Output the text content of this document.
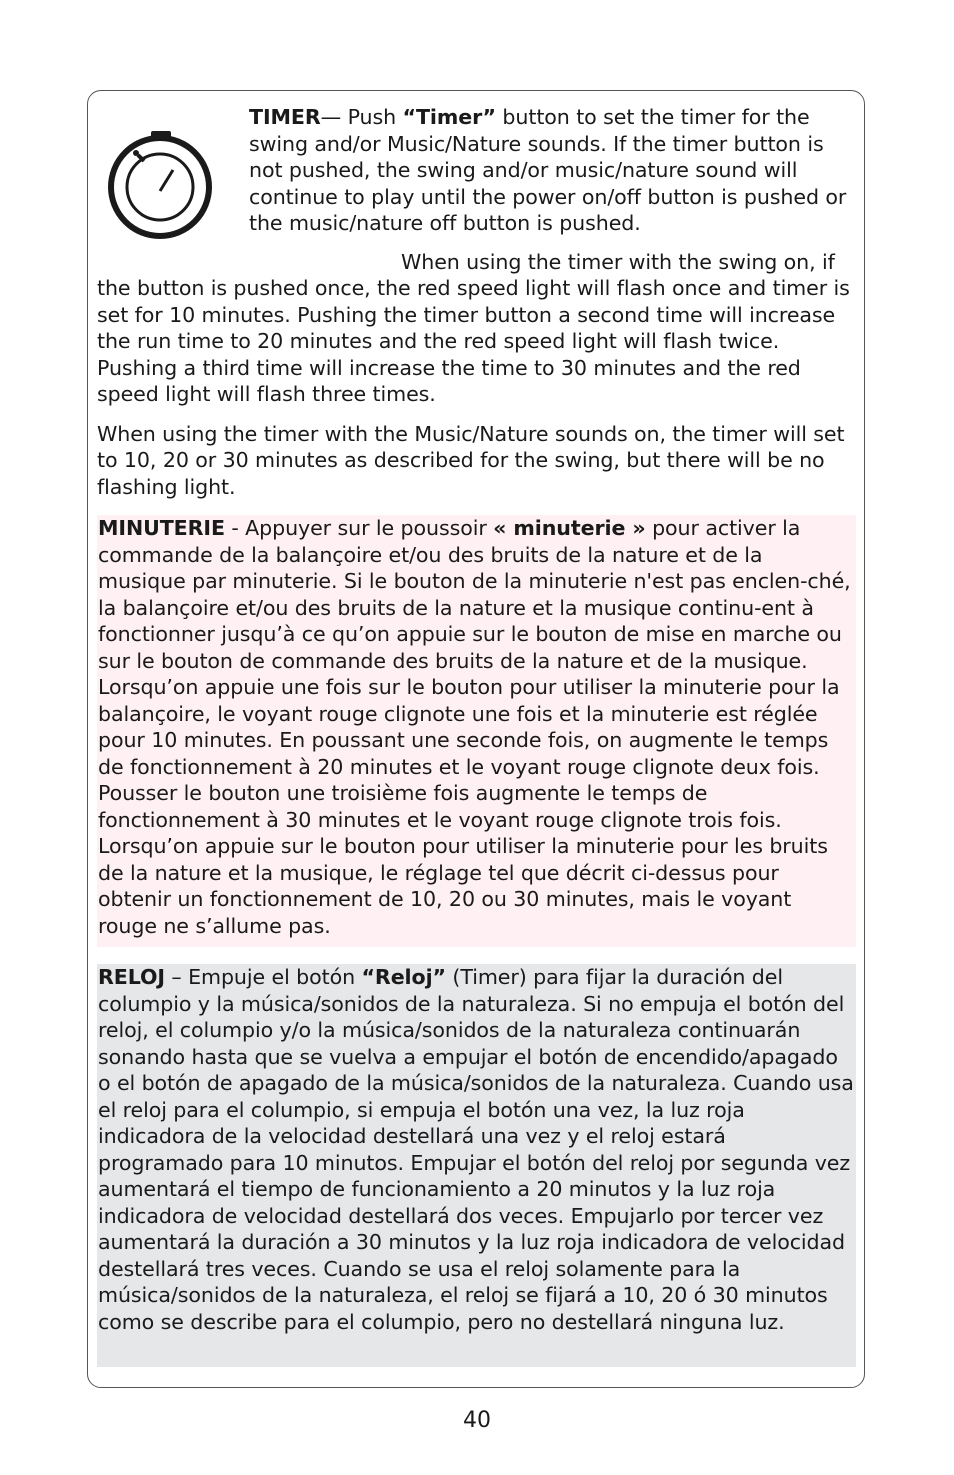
TIMER— Push “Timer” button to set the timer for the swing and/or Music/Nature sounds. If the timer button is not pushed, the swing and/or music/nature sound will continue to play until the power on/off button is pushed or the music/nature off button is pushed.

When using the timer with the swing on, if the button is pushed once, the red speed light will flash once and timer is set for 10 minutes. Pushing the timer button a second time will increase the run time to 20 minutes and the red speed light will flash twice. Pushing a third time will increase the time to 30 minutes and the red speed light will flash three times.

When using the timer with the Music/Nature sounds on, the timer will set to 10, 20 or 30 minutes as described for the swing, but there will be no flashing light.

MINUTERIE - Appuyer sur le poussoir « minuterie » pour activer la commande de la balançoire et/ou des bruits de la nature et de la musique par minuterie. Si le bouton de la minuterie n'est pas enclen-ché, la balançoire et/ou des bruits de la nature et la musique continu-ent à fonctionner jusqu’à ce qu’on appuie sur le bouton de mise en marche ou sur le bouton de commande des bruits de la nature et de la musique. Lorsqu’on appuie une fois sur le bouton pour utiliser la minuterie pour la balançoire, le voyant rouge clignote une fois et la minuterie est réglée pour 10 minutes. En poussant une seconde fois, on augmente le temps de fonctionnement à 20 minutes et le voyant rouge clignote deux fois. Pousser le bouton une troisième fois augmente le temps de fonctionnement à 30 minutes et le voyant rouge clignote trois fois. Lorsqu’on appuie sur le bouton pour utiliser la minuterie pour les bruits de la nature et la musique, le réglage tel que décrit ci-dessus pour obtenir un fonctionnement de 10, 20 ou 30 minutes, mais le voyant rouge ne s’allume pas.

RELOJ – Empuje el botón “Reloj” (Timer) para fijar la duración del columpio y la música/sonidos de la naturaleza. Si no empuja el botón del reloj, el columpio y/o la música/sonidos de la naturaleza continuarán sonando hasta que se vuelva a empujar el botón de encendido/apagado o el botón de apagado de la música/sonidos de la naturaleza. Cuando usa el reloj para el columpio, si empuja el botón una vez, la luz roja indicadora de la velocidad destellará una vez y el reloj estará programado para 10 minutos. Empujar el botón del reloj por segunda vez aumentará el tiempo de funcionamiento a 20 minutos y la luz roja indicadora de velocidad destellará dos veces. Empujarlo por tercer vez aumentará la duración a 30 minutos y la luz roja indicadora de velocidad destellará tres veces. Cuando se usa el reloj solamente para la música/sonidos de la naturaleza, el reloj se fijará a 10, 20 ó 30 minutos como se describe para el columpio, pero no destellará ninguna luz.

40
